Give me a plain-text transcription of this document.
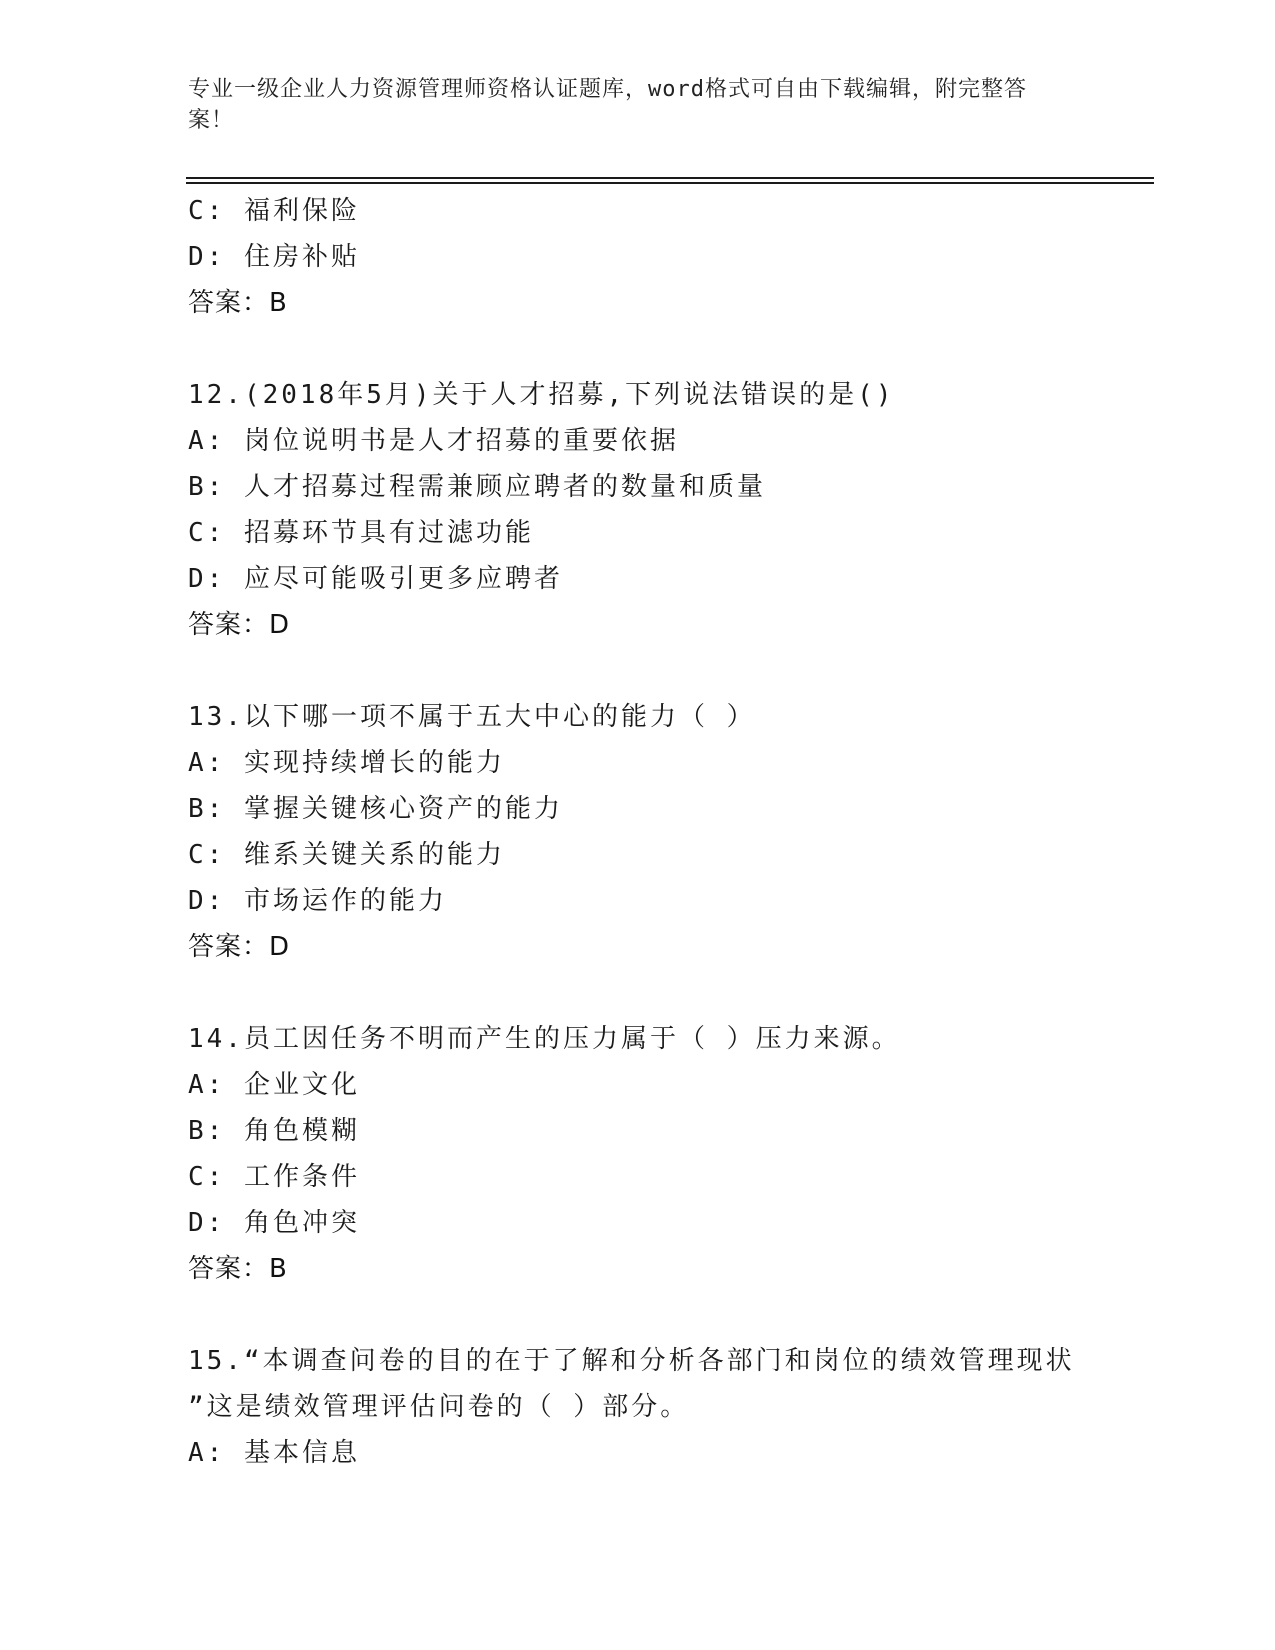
专业一级企业人力资源管理师资格认证题库，word格式可自由下载编辑，附完整答案！
C: 福利保险
D: 住房补贴
答案：B
12.(2018年5月)关于人才招募,下列说法错误的是()
A: 岗位说明书是人才招募的重要依据
B: 人才招募过程需兼顾应聘者的数量和质量
C: 招募环节具有过滤功能
D: 应尽可能吸引更多应聘者
答案：D
13.以下哪一项不属于五大中心的能力（ ）
A: 实现持续增长的能力
B: 掌握关键核心资产的能力
C: 维系关键关系的能力
D: 市场运作的能力
答案：D
14.员工因任务不明而产生的压力属于（ ）压力来源。
A: 企业文化
B: 角色模糊
C: 工作条件
D: 角色冲突
答案：B
15.“本调查问卷的目的在于了解和分析各部门和岗位的绩效管理现状
”这是绩效管理评估问卷的（ ）部分。
A: 基本信息
